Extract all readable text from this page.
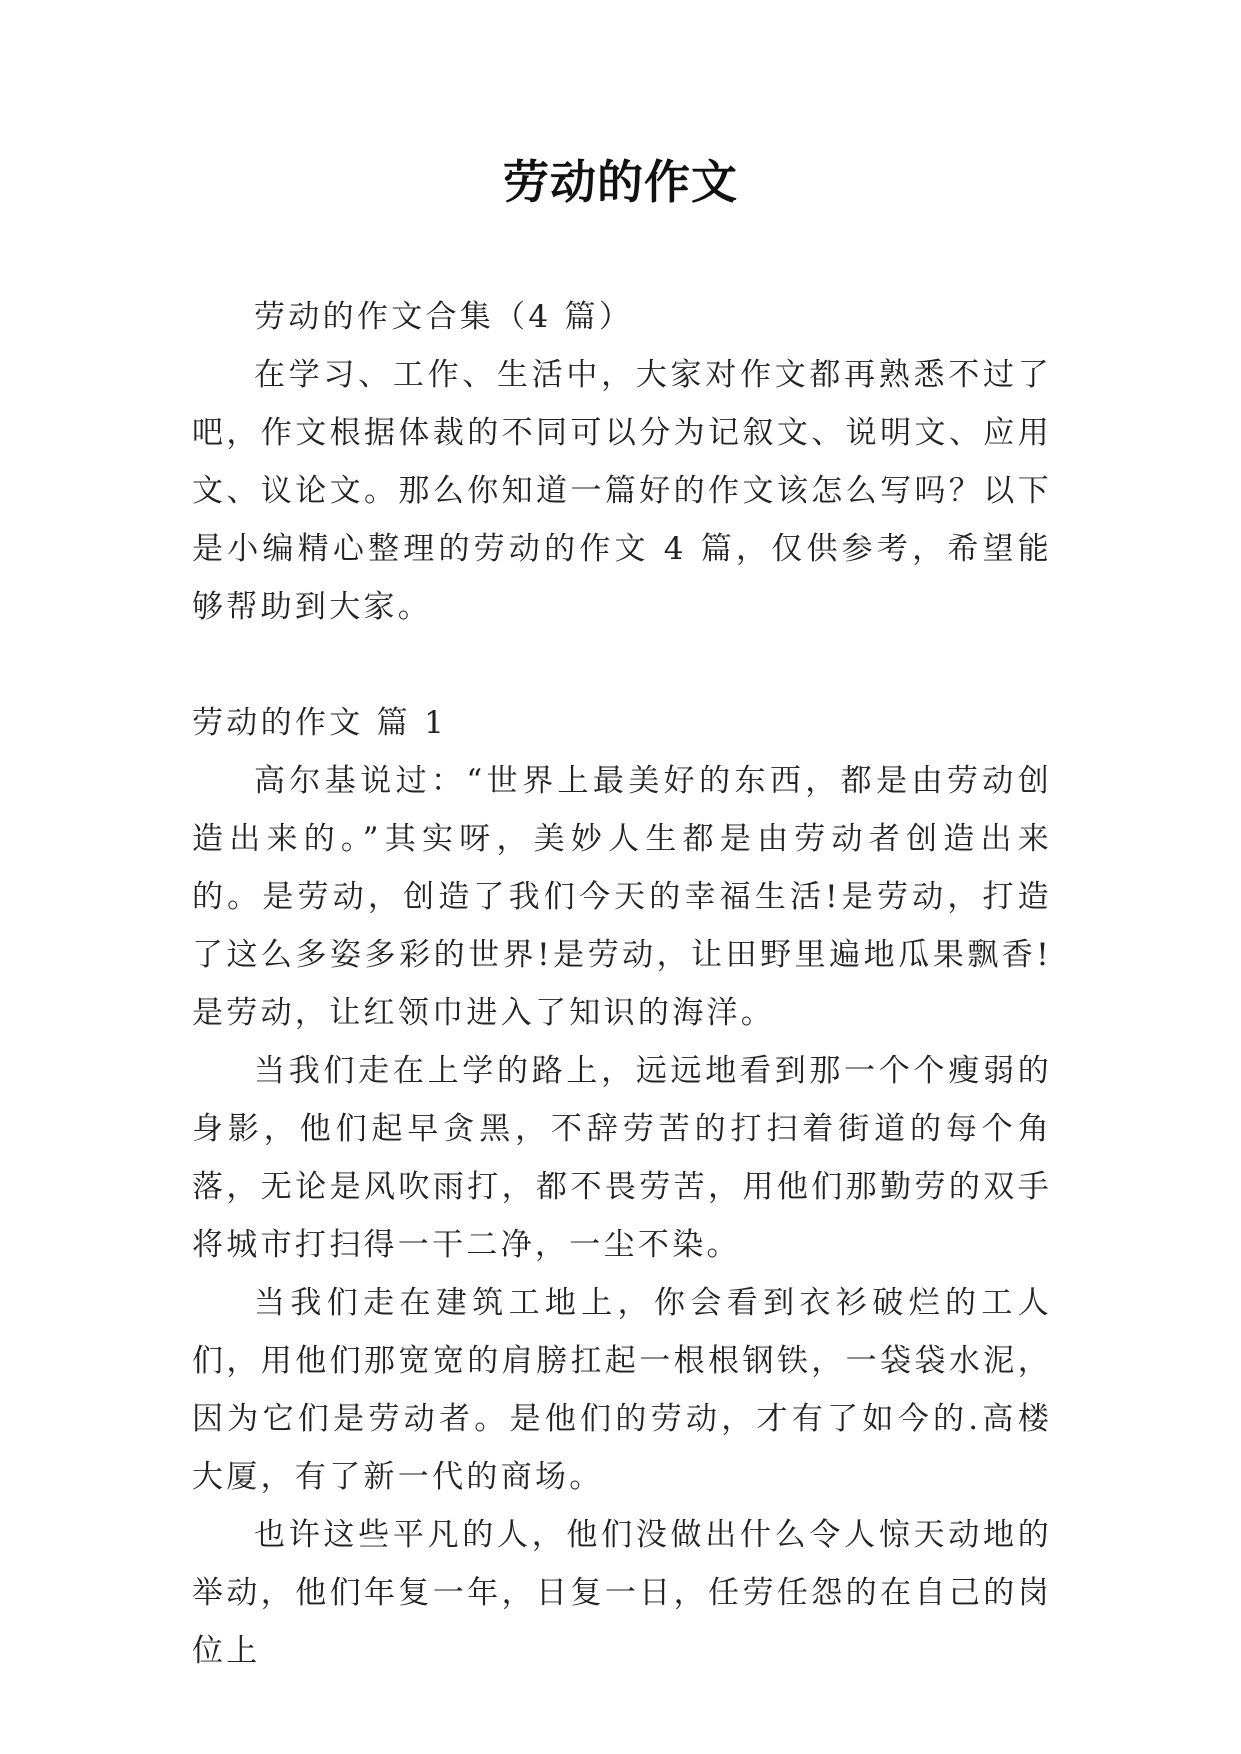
劳动的作文

劳动的作文合集（4 篇）

在学习、工作、生活中，大家对作文都再熟悉不过了吧，作文根据体裁的不同可以分为记叙文、说明文、应用文、议论文。那么你知道一篇好的作文该怎么写吗？以下是小编精心整理的劳动的作文 4 篇，仅供参考，希望能够帮助到大家。

劳动的作文 篇 1

高尔基说过：“世界上最美好的东西，都是由劳动创造出来的。”其实呀，美妙人生都是由劳动者创造出来的。是劳动，创造了我们今天的幸福生活!是劳动，打造了这么多姿多彩的世界!是劳动，让田野里遍地瓜果飘香!是劳动，让红领巾进入了知识的海洋。

当我们走在上学的路上，远远地看到那一个个瘦弱的身影，他们起早贪黑，不辞劳苦的打扫着街道的每个角落，无论是风吹雨打，都不畏劳苦，用他们那勤劳的双手将城市打扫得一干二净，一尘不染。

当我们走在建筑工地上，你会看到衣衫破烂的工人们，用他们那宽宽的肩膀扛起一根根钢铁，一袋袋水泥，因为它们是劳动者。是他们的劳动，才有了如今的.高楼大厦，有了新一代的商场。

也许这些平凡的人，他们没做出什么令人惊天动地的举动，他们年复一年，日复一日，任劳任怨的在自己的岗位上
